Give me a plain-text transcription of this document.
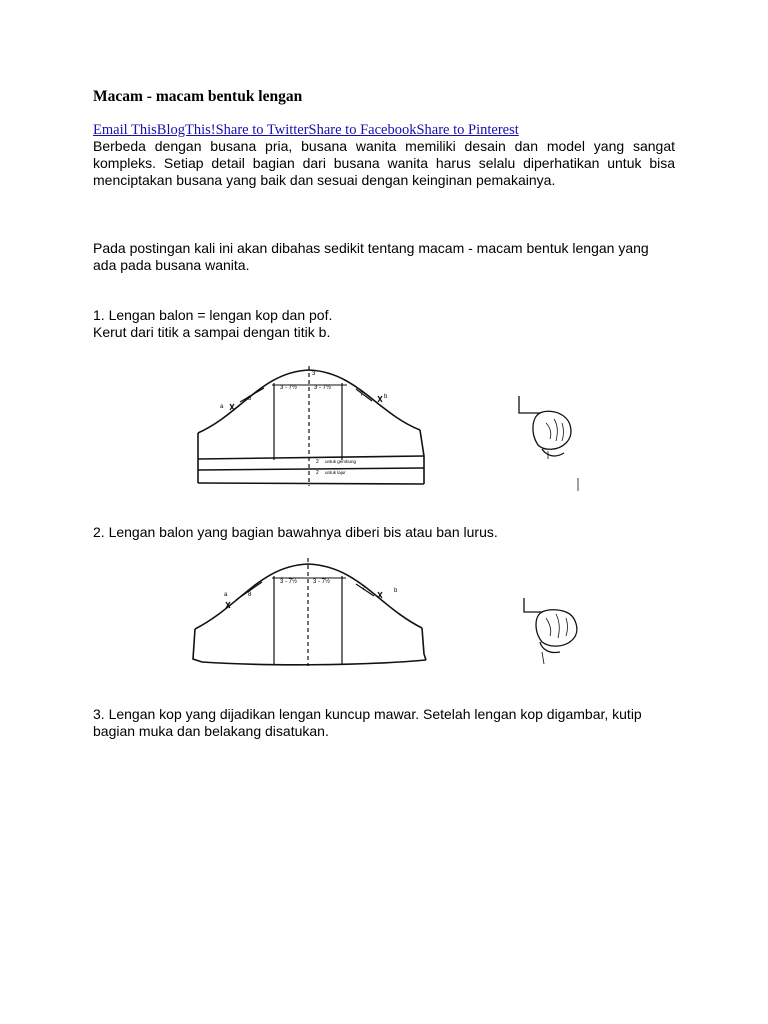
Macam - macam bentuk lengan
Email ThisBlogThis!Share to TwitterShare to FacebookShare to Pinterest

Berbeda dengan busana pria, busana wanita memiliki desain dan model yang sangat kompleks. Setiap detail bagian dari busana wanita harus selalu diperhatikan untuk bisa menciptakan busana yang baik dan sesuai dengan keinginan pemakainya.

Pada postingan kali ini akan dibahas sedikit tentang macam - macam bentuk lengan yang ada pada busana wanita.

1. Lengan balon = lengan kop dan pof.
Kerut dari titik a sampai dengan titik b.
a
b
8
7
3
3 - 7½	3 - 7½
2 untuk gembung
2 untuk lajur
2. Lengan balon yang bagian bawahnya diberi bis atau ban lurus.
a
b
8
7
3 - 7½	3 - 7½

3. Lengan kop yang dijadikan lengan kuncup mawar. Setelah lengan kop digambar, kutip bagian muka dan belakang disatukan.
